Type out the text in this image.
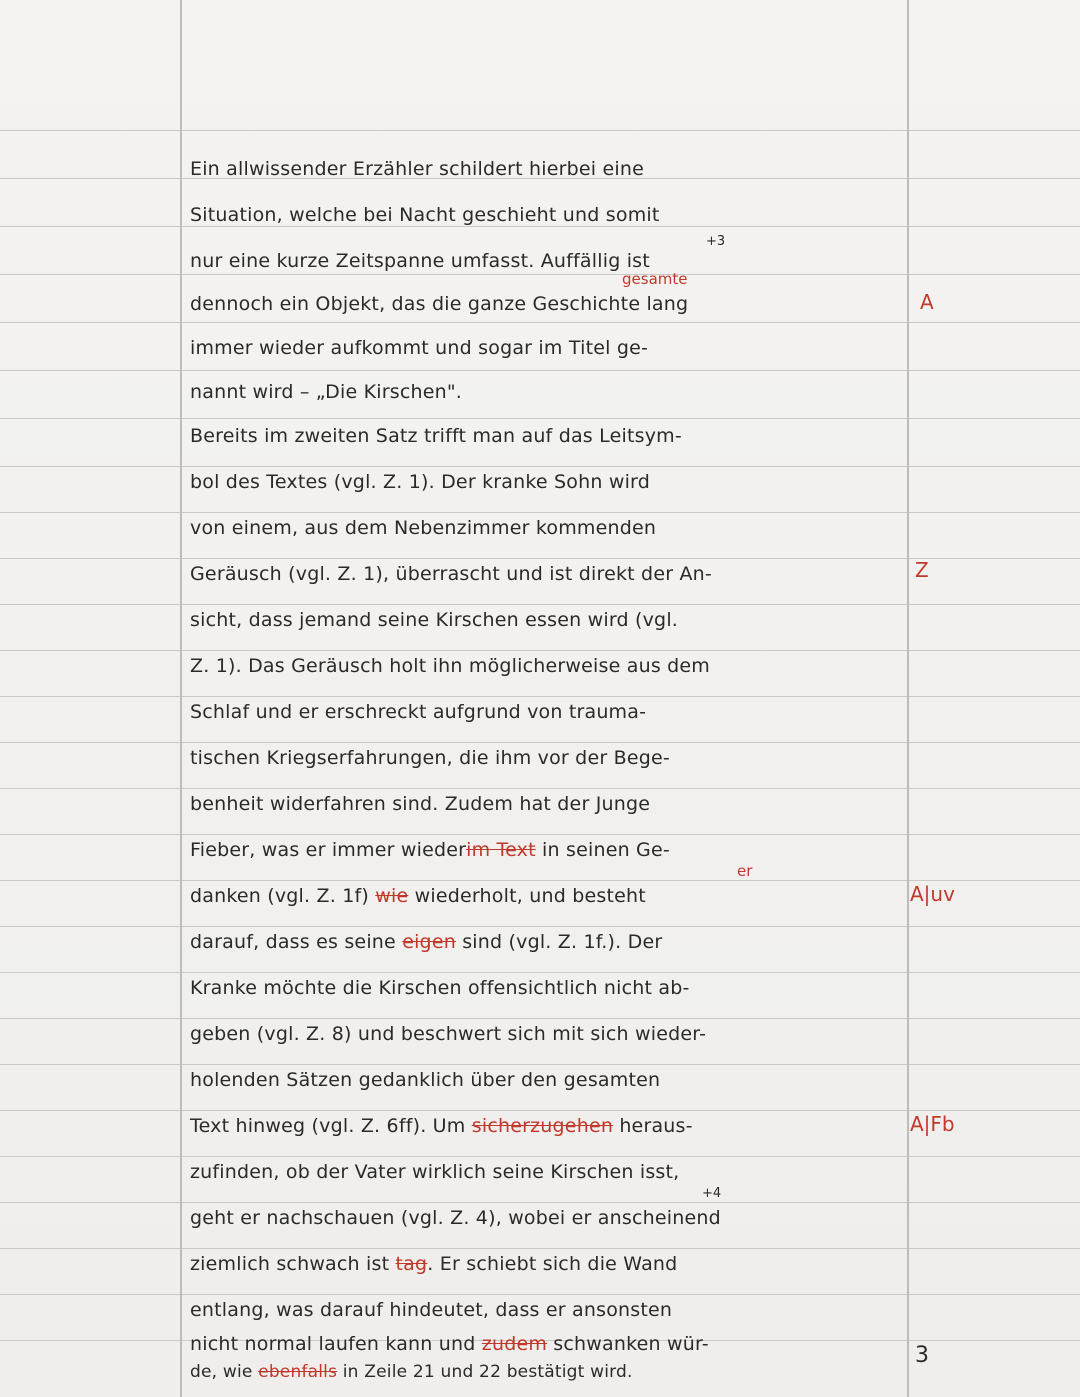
Ein allwissender Erzähler schildert hierbei eine
Situation, welche bei Nacht geschieht und somit
nur eine kurze Zeitspanne umfasst. Auffällig ist
+3
gesamte
dennoch ein Objekt, das die ganze Geschichte lang
immer wieder aufkommt und sogar im Titel ge-
nannt wird – „Die Kirschen".
Bereits im zweiten Satz trifft man auf das Leitsym-
bol des Textes (vgl. Z. 1). Der kranke Sohn wird
von einem, aus dem Nebenzimmer kommenden
Geräusch (vgl. Z. 1), überrascht und ist direkt der An-
sicht, dass jemand seine Kirschen essen wird (vgl.
Z. 1). Das Geräusch holt ihn möglicherweise aus dem
Schlaf und er erschreckt aufgrund von trauma-
tischen Kriegserfahrungen, die ihm vor der Bege-
benheit widerfahren sind. Zudem hat der Junge
Fieber, was er immer wiederim Text in seinen Ge-
er
danken (vgl. Z. 1f) wie wiederholt, und besteht
darauf, dass es seine eigen sind (vgl. Z. 1f.). Der
Kranke möchte die Kirschen offensichtlich nicht ab-
geben (vgl. Z. 8) und beschwert sich mit sich wieder-
holenden Sätzen gedanklich über den gesamten
Text hinweg (vgl. Z. 6ff). Um sicherzugehen heraus-
zufinden, ob der Vater wirklich seine Kirschen isst,
+4
geht er nachschauen (vgl. Z. 4), wobei er anscheinend
ziemlich schwach ist tag. Er schiebt sich die Wand
entlang, was darauf hindeutet, dass er ansonsten
nicht normal laufen kann und zudem schwanken wür-
de, wie ebenfalls in Zeile 21 und 22 bestätigt wird.
A
Z
A|uv
A|Fb
3
